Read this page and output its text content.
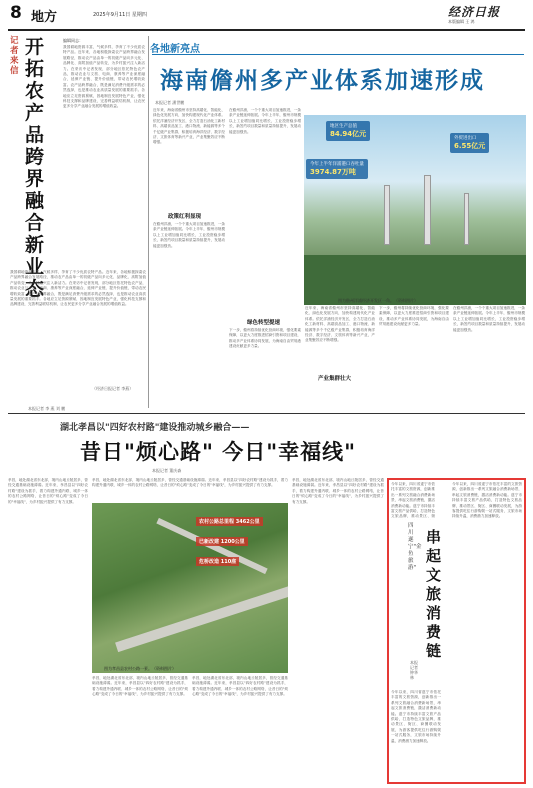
8 地方	2025年9月11日 星期四	经济日报
本版编辑 王 鸿
记者来信
开拓农产品跨界融合新业态
编辑同志：
我国耕地资源丰富，气候多样，孕育了不少优质农特产品。近年来，各地积极探索农产品跨界融合发展路径，推动农产品由单一的初级产品向多元化、品牌化、高附加值产品转变，为乡村振兴注入新活力。在采访中记者发现，部分地区依托特色农产品，推动农业与文旅、电商、康养等产业深度融合，延伸产业链、提升价值链，带动农民增收致富。农产品跨界融合，既是满足消费升级需求的必然选择，也是推动农业高质量发展的重要抓手。各地应立足资源禀赋，因地制宜发展特色产业，强化科技支撑和品牌建设，完善利益联结机制，让农民更多分享产业融合发展的增值收益。
我国耕地资源丰富，气候多样，孕育了不少优质农特产品。近年来，各地积极探索农产品跨界融合发展路径，推动农产品由单一的初级产品向多元化、品牌化、高附加值产品转变，为乡村振兴注入新活力。在采访中记者发现，部分地区依托特色农产品，推动农业与文旅、电商、康养等产业深度融合，延伸产业链、提升价值链，带动农民增收致富。农产品跨界融合，既是满足消费升级需求的必然选择，也是推动农业高质量发展的重要抓手。各地应立足资源禀赋，因地制宜发展特色产业，强化科技支撑和品牌建设，完善利益联结机制，让农民更多分享产业融合发展的增值收益。
（经济日报记者 李燕）
本报记者 李 燕 刘 鹏
各地新亮点
海南儋州多产业体系加速形成
本报记者 潘世鹏
近年来，海南省儋州市坚持高端化、智能化、绿色化发展方向，加快构建现代化产业体系。依托洋浦经济开发区，全力打造石油化工新材料、高端食品加工、港口物流、新能源等多个千亿级产业集群，积极培育海洋经济、数字经济、文旅体育等新兴产业，产业集聚效应不断增强。
政策红利显现
在儋州洋浦，一个个重大项目加速推进，一条条产业链延伸拓展。今年上半年，儋州市规模以上工业增加值同比增长，工业投资稳步增长，新签约项目数量和质量持续提升，发展动能更加强劲。
在儋州洋浦，一个个重大项目加速推进，一条条产业链延伸拓展。今年上半年，儋州市规模以上工业增加值同比增长，工业投资稳步增长，新签约项目数量和质量持续提升，发展动能更加强劲。
绿色转型提速
下一步，儋州将持续优化营商环境，强化要素保障，以更大力度推进招商引资和项目建设，推动多产业体系协同发展，为海南自由贸易港建设贡献更多力量。
地区生产总值
84.94亿元
外贸进出口
6.55亿元
今年上半年洋浦港口吞吐量
3974.87万吨
图为儋州洋浦经济开发区一角。（资料图片）
近年来，海南省儋州市坚持高端化、智能化、绿色化发展方向，加快构建现代化产业体系。依托洋浦经济开发区，全力打造石油化工新材料、高端食品加工、港口物流、新能源等多个千亿级产业集群，积极培育海洋经济、数字经济、文旅体育等新兴产业，产业集聚效应不断增强。
产业集群壮大
下一步，儋州将持续优化营商环境，强化要素保障，以更大力度推进招商引资和项目建设，推动多产业体系协同发展，为海南自由贸易港建设贡献更多力量。
在儋州洋浦，一个个重大项目加速推进，一条条产业链延伸拓展。今年上半年，儋州市规模以上工业增加值同比增长，工业投资稳步增长，新签约项目数量和质量持续提升，发展动能更加强劲。
湖北孝昌以"四好农村路"建设推动城乡融合——
昔日"烦心路" 今日"幸福线"
本报记者 董庆森
孝昌，地处湖北省东北部，境内山地丘陵居多，曾经交通基础设施薄弱。近年来，孝昌县以"四好农村路"建设为抓手，着力构建外通内联、城乡一体的农村公路网络，让昔日的"烦心路"变成了今日的"幸福线"，为乡村振兴提供了有力支撑。
孝昌，地处湖北省东北部，境内山地丘陵居多，曾经交通基础设施薄弱。近年来，孝昌县以"四好农村路"建设为抓手，着力构建外通内联、城乡一体的农村公路网络，让昔日的"烦心路"变成了今日的"幸福线"，为乡村振兴提供了有力支撑。
农村公路总里程 3462公里
已新改建 1200公里
危桥改造 110座
图为孝昌县农村公路一景。（资料图片）
孝昌，地处湖北省东北部，境内山地丘陵居多，曾经交通基础设施薄弱。近年来，孝昌县以"四好农村路"建设为抓手，着力构建外通内联、城乡一体的农村公路网络，让昔日的"烦心路"变成了今日的"幸福线"，为乡村振兴提供了有力支撑。
孝昌，地处湖北省东北部，境内山地丘陵居多，曾经交通基础设施薄弱。近年来，孝昌县以"四好农村路"建设为抓手，着力构建外通内联、城乡一体的农村公路网络，让昔日的"烦心路"变成了今日的"幸福线"，为乡村振兴提供了有力支撑。
孝昌，地处湖北省东北部，境内山地丘陵居多，曾经交通基础设施薄弱。近年来，孝昌县以"四好农村路"建设为抓手，着力构建外通内联、城乡一体的农村公路网络，让昔日的"烦心路"变成了今日的"幸福线"，为乡村振兴提供了有力支撑。
今年以来，四川省遂宁市依托丰富的文旅资源，创新推出一系列文旅融合消费新场景，串起文旅消费链，激活消费新动能。遂宁市持续丰富文旅产品供给，打造特色文旅品牌，推动景区、街
四川遂宁"金鱼旅游"
串起文旅消费链
本报记者 钟华林
今年以来，四川省遂宁市依托丰富的文旅资源，创新推出一系列文旅融合消费新场景，串起文旅消费链，激活消费新动能。遂宁市持续丰富文旅产品供给，打造特色文旅品牌，推动景区、街区、商圈联动发展，为游客提供吃住行游购娱一站式服务，文旅市场持续升温，消费潜力加速释放。
今年以来，四川省遂宁市依托丰富的文旅资源，创新推出一系列文旅融合消费新场景，串起文旅消费链，激活消费新动能。遂宁市持续丰富文旅产品供给，打造特色文旅品牌，推动景区、街区、商圈联动发展，为游客提供吃住行游购娱一站式服务，文旅市场持续升温，消费潜力加速释放。
